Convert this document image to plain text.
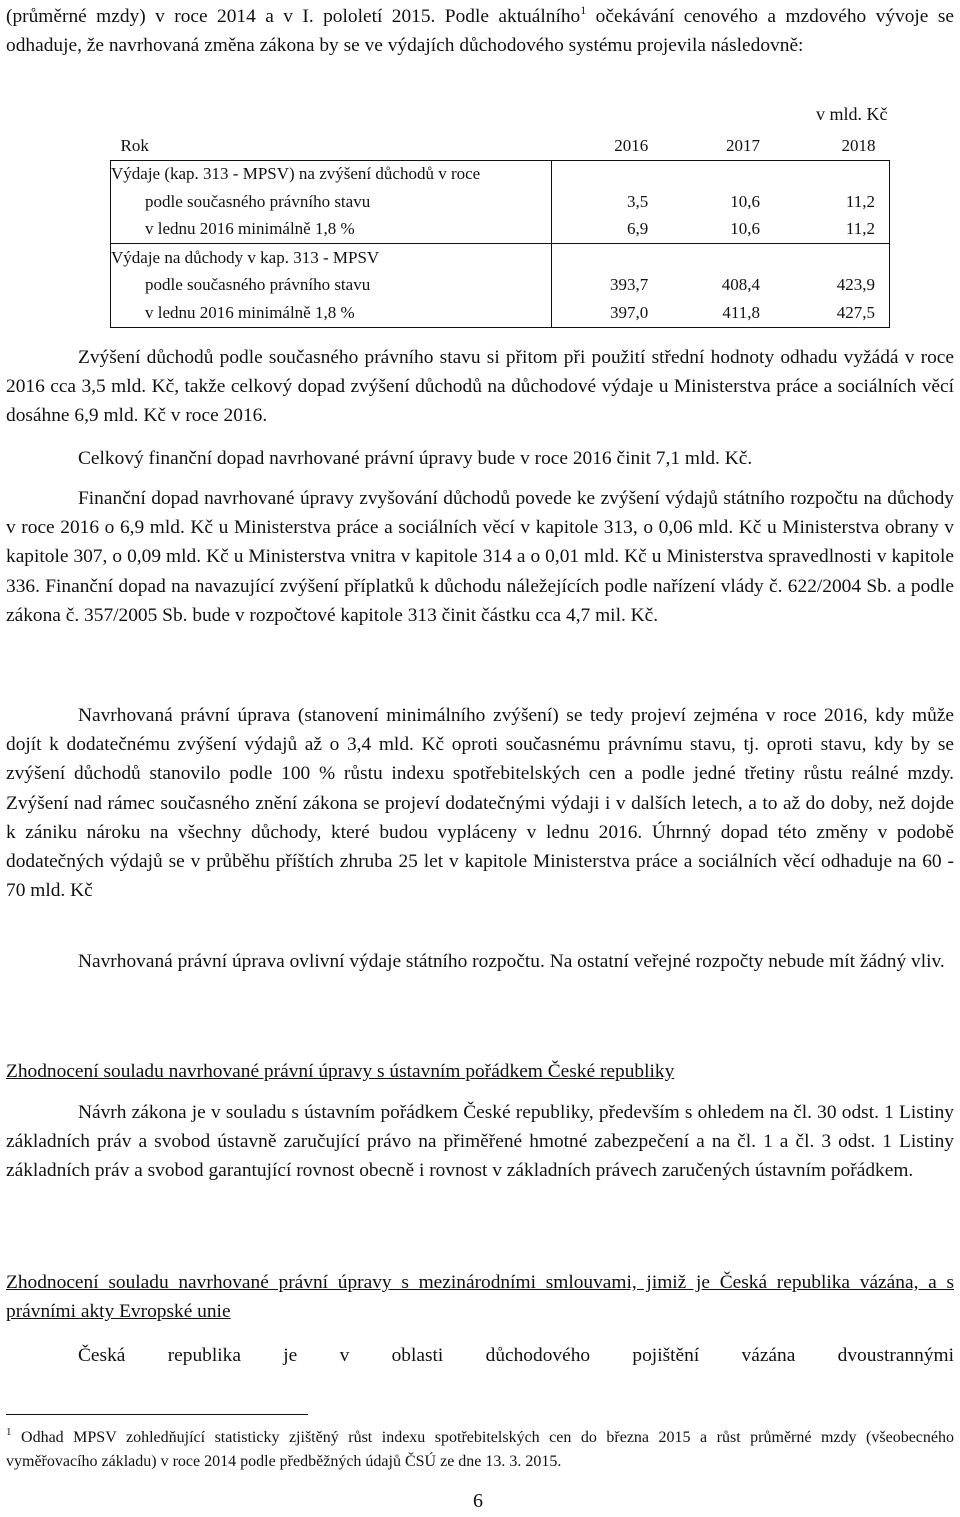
(průměrné mzdy) v roce 2014 a v I. pololetí 2015. Podle aktuálního$^1$ očekávání cenového a mzdového vývoje se odhaduje, že navrhovaná změna zákona by se ve výdajích důchodového systému projevila následovně:

v mld. Kč
Rok	2016	2017	2018
Výdaje (kap. 313 - MPSV) na zvýšení důchodů v roce			
podle současného právního stavu	3,5	10,6	11,2
v lednu 2016 minimálně 1,8 %	6,9	10,6	11,2
Výdaje na důchody v kap. 313 - MPSV			
podle současného právního stavu	393,7	408,4	423,9
v lednu 2016 minimálně 1,8 %	397,0	411,8	427,5

Zvýšení důchodů podle současného právního stavu si přitom při použití střední hodnoty odhadu vyžádá v roce 2016 cca 3,5 mld. Kč, takže celkový dopad zvýšení důchodů na důchodové výdaje u Ministerstva práce a sociálních věcí dosáhne 6,9 mld. Kč v roce 2016.

Celkový finanční dopad navrhované právní úpravy bude v roce 2016 činit 7,1 mld. Kč.

Finanční dopad navrhované úpravy zvyšování důchodů povede ke zvýšení výdajů státního rozpočtu na důchody v roce 2016 o 6,9 mld. Kč u Ministerstva práce a sociálních věcí v kapitole 313, o 0,06 mld. Kč u Ministerstva obrany v kapitole 307, o 0,09 mld. Kč u Ministerstva vnitra v kapitole 314 a o 0,01 mld. Kč u Ministerstva spravedlnosti v kapitole 336. Finanční dopad na navazující zvýšení příplatků k důchodu náležejících podle nařízení vlády č. 622/2004 Sb. a podle zákona č. 357/2005 Sb. bude v rozpočtové kapitole 313 činit částku cca 4,7 mil. Kč.

Navrhovaná právní úprava (stanovení minimálního zvýšení) se tedy projeví zejména v roce 2016, kdy může dojít k dodatečnému zvýšení výdajů až o 3,4 mld. Kč oproti současnému právnímu stavu, tj. oproti stavu, kdy by se zvýšení důchodů stanovilo podle 100 % růstu indexu spotřebitelských cen a podle jedné třetiny růstu reálné mzdy. Zvýšení nad rámec současného znění zákona se projeví dodatečnými výdaji i v dalších letech, a to až do doby, než dojde k zániku nároku na všechny důchody, které budou vypláceny v lednu 2016. Úhrnný dopad této změny v podobě dodatečných výdajů se v průběhu příštích zhruba 25 let v kapitole Ministerstva práce a sociálních věcí odhaduje na 60 - 70 mld. Kč

Navrhovaná právní úprava ovlivní výdaje státního rozpočtu. Na ostatní veřejné rozpočty nebude mít žádný vliv.

Zhodnocení souladu navrhované právní úpravy s ústavním pořádkem České republiky

Návrh zákona je v souladu s ústavním pořádkem České republiky, především s ohledem na čl. 30 odst. 1 Listiny základních práv a svobod ústavně zaručující právo na přiměřené hmotné zabezpečení a na čl. 1 a čl. 3 odst. 1 Listiny základních práv a svobod garantující rovnost obecně i rovnost v základních právech zaručených ústavním pořádkem.

Zhodnocení souladu navrhované právní úpravy s mezinárodními smlouvami, jimiž je Česká republika vázána, a s právními akty Evropské unie

Česká republika je v oblasti důchodového pojištění vázána dvoustrannými

$^1$ Odhad MPSV zohledňující statisticky zjištěný růst indexu spotřebitelských cen do března 2015 a růst průměrné mzdy (všeobecného vyměřovacího základu) v roce 2014 podle předběžných údajů ČSÚ ze dne 13. 3. 2015.
6
